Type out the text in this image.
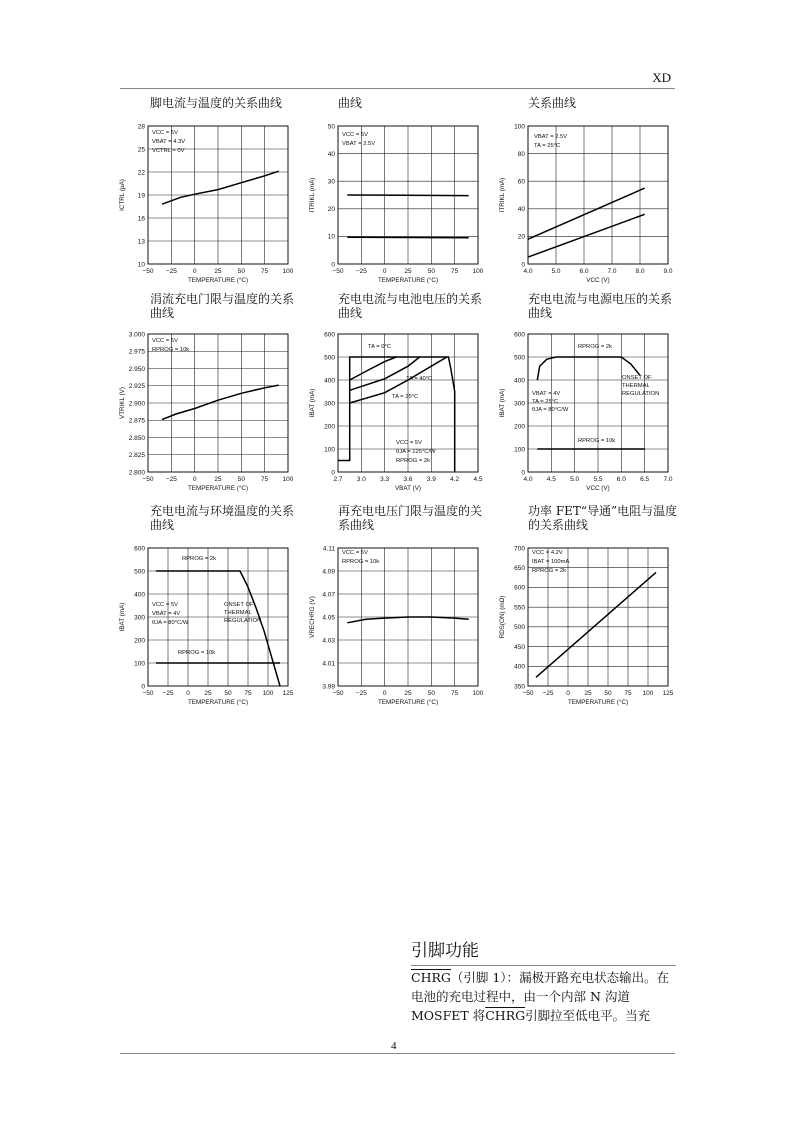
XD
脚电流与温度的关系曲线	曲线	关系曲线
涓流充电门限与温度的关系曲线
充电电流与电池电压的关系曲线
充电电流与电源电压的关系曲线
充电电流与环境温度的关系曲线
再充电电压门限与温度的关系曲线
功率 FET“导通”电阻与温度的关系曲线
−50 −25 0	25 50 75 100
10
13
16
19
22
25
28
TEMPERATURE (°C)
ICTRL (µA)
VCC = 5V
VBAT = 4.3V
VCTRL = 0V
−50 −25 0	25 50 75 100
0
10
20
30
40
50
TEMPERATURE (°C)
ITRIKL (mA)
VCC = 5V
VBAT = 2.5V
4.0	5.0	6.0	7.0	8.0	9.0
0
20
40
60
80
100
VCC (V)
ITRIKL (mA)
VBAT = 2.5V
TA = 25°C
−50 −25 0	25 50 75 100
2.800
2.825
2.850
2.875
2.900
2.925
2.950
2.975
3.000
TEMPERATURE (°C)
VTRIKL (V)
VCC = 5V
RPROG = 10k
2.7 3.0 3.3 3.6 3.9 4.2 4.5
0
100
200
300
400
500
600
VBAT (V)
IBAT (mA)
TA = 0°C
TA = 40°C
TA = 25°C
VCC = 5V
θJA = 125°C/W
RPROG = 2k
4.0 4.5 5.0 5.5 6.0 6.5 7.0
0
100
200
300
400
500
600
VCC (V)
IBAT (mA)
RPROG = 2k
ONSET OF
THERMAL
REGULATION
VBAT = 4V
TA = 25°C
θJA = 80°C/W
RPROG = 10k
−50 −25 0 25 50 75 100 125
0
100
200
300
400
500
600
TEMPERATURE (°C)
IBAT (mA)
RPROG = 2k
VCC = 5V
VBAT = 4V
θJA = 80°C/W
ONSET OF
THERMAL
REGULATION
RPROG = 10k
−50 −25 0	25 50 75 100
3.99
4.01
4.03
4.05
4.07
4.09
4.11
TEMPERATURE (°C)
VRECHRG (V)
VCC = 5V
RPROG = 10k
−50 −25 0 25 50 75 100 125
350
400
450
500
550
600
650
700
TEMPERATURE (°C)
RDS(ON) (mΩ)
VCC = 4.2V
IBAT = 100mA
RPROG = 2k
引脚功能
CHRG（引脚 1）：漏极开路充电状态输出。在电池的充电过程中，由一个内部 N 沟道 MOSFET 将CHRG引脚拉至低电平。当充
4
